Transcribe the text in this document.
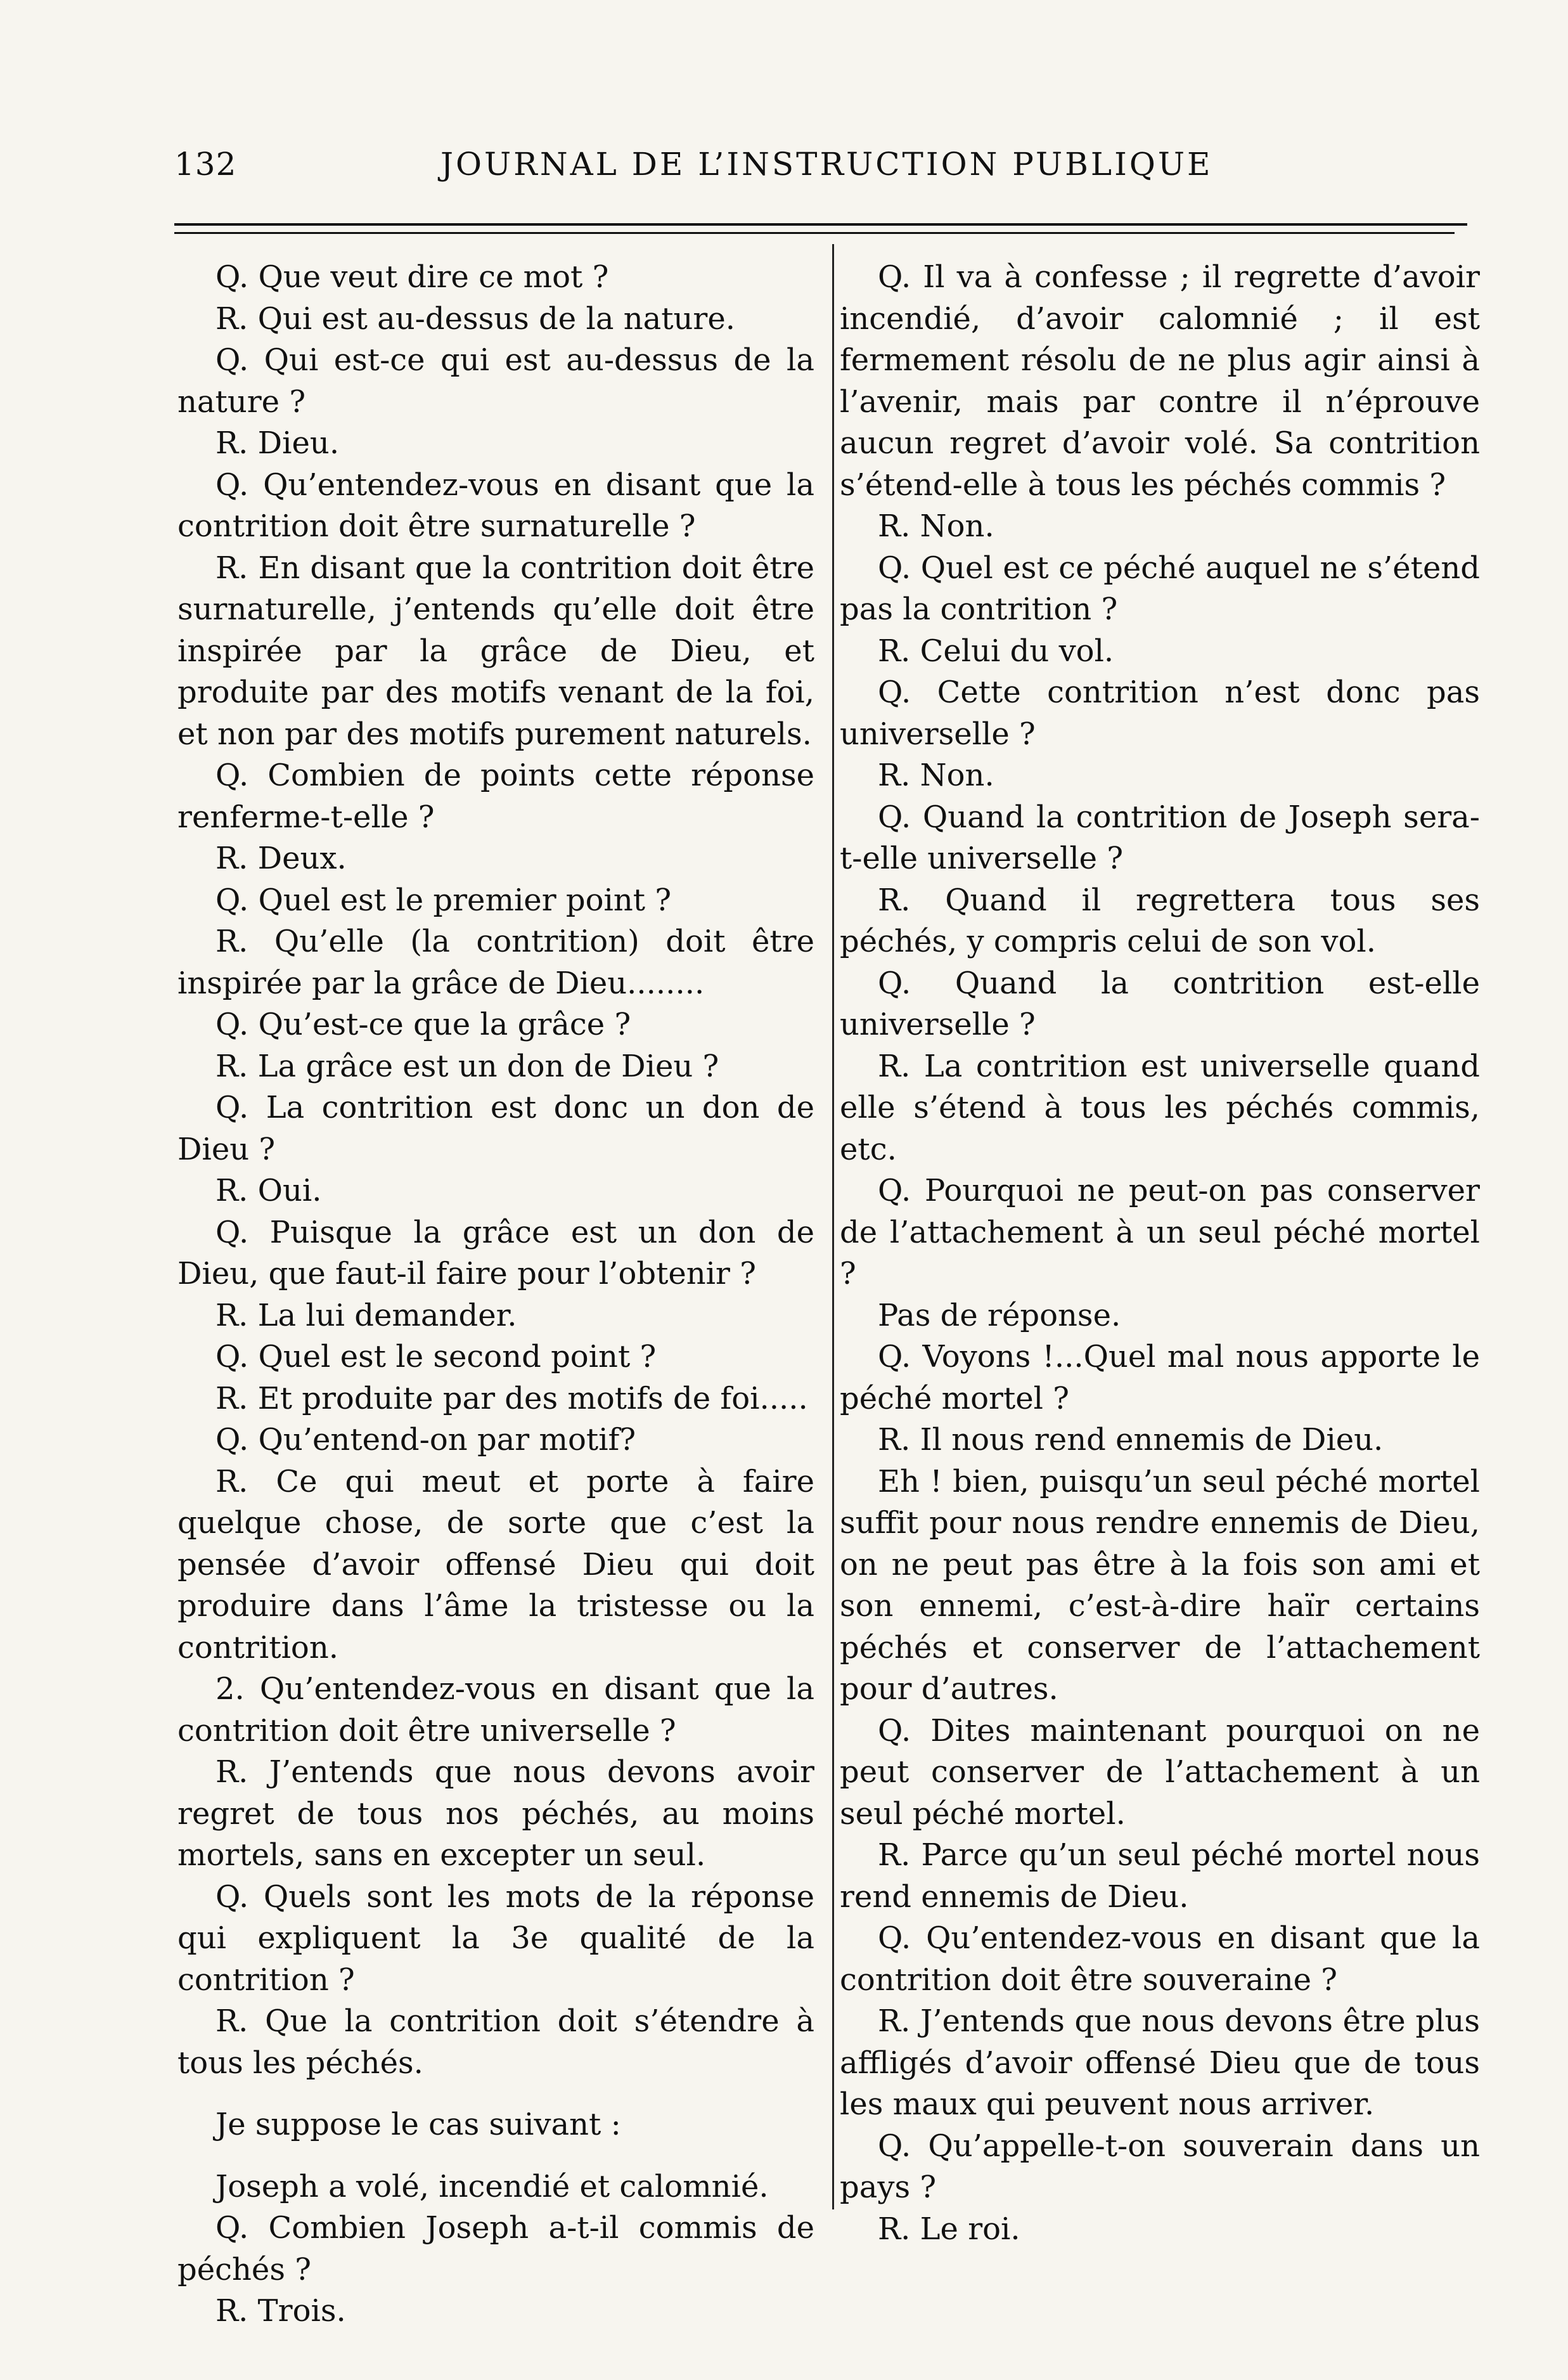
132	JOURNAL DE L’INSTRUCTION PUBLIQUE

Q. Que veut dire ce mot ?

R. Qui est au-dessus de la nature.

Q. Qui est-ce qui est au-dessus de la nature ?

R. Dieu.

Q. Qu’entendez-vous en disant que la contrition doit être surnaturelle ?

R. En disant que la contrition doit être surnaturelle, j’entends qu’elle doit être inspirée par la grâce de Dieu, et produite par des motifs venant de la foi, et non par des motifs purement naturels.

Q. Combien de points cette réponse renferme-t-elle ?

R. Deux.

Q. Quel est le premier point ?

R. Qu’elle (la contrition) doit être inspirée par la grâce de Dieu........

Q. Qu’est-ce que la grâce ?

R. La grâce est un don de Dieu ?

Q. La contrition est donc un don de Dieu ?

R. Oui.

Q. Puisque la grâce est un don de Dieu, que faut-il faire pour l’obtenir ?

R. La lui demander.

Q. Quel est le second point ?

R. Et produite par des motifs de foi.....

Q. Qu’entend-on par motif?

R. Ce qui meut et porte à faire quelque chose, de sorte que c’est la pensée d’avoir offensé Dieu qui doit produire dans l’âme la tristesse ou la contrition.

2. Qu’entendez-vous en disant que la contrition doit être universelle ?

R. J’entends que nous devons avoir regret de tous nos péchés, au moins mortels, sans en excepter un seul.

Q. Quels sont les mots de la réponse qui expliquent la 3e qualité de la contrition ?

R. Que la contrition doit s’étendre à tous les péchés.

Je suppose le cas suivant :

Joseph a volé, incendié et calomnié.

Q. Combien Joseph a-t-il commis de péchés ?

R. Trois.

Q. Il va à confesse ; il regrette d’avoir incendié, d’avoir calomnié ; il est fermement résolu de ne plus agir ainsi à l’avenir, mais par contre il n’éprouve aucun regret d’avoir volé. Sa contrition s’étend-elle à tous les péchés commis ?

R. Non.

Q. Quel est ce péché auquel ne s’étend pas la contrition ?

R. Celui du vol.

Q. Cette contrition n’est donc pas universelle ?

R. Non.

Q. Quand la contrition de Joseph sera-t-elle universelle ?

R. Quand il regrettera tous ses péchés, y compris celui de son vol.

Q. Quand la contrition est-elle universelle ?

R. La contrition est universelle quand elle s’étend à tous les péchés commis, etc.

Q. Pourquoi ne peut-on pas conserver de l’attachement à un seul péché mortel ?

Pas de réponse.

Q. Voyons !...Quel mal nous apporte le péché mortel ?

R. Il nous rend ennemis de Dieu.

Eh ! bien, puisqu’un seul péché mortel suffit pour nous rendre ennemis de Dieu, on ne peut pas être à la fois son ami et son ennemi, c’est-à-dire haïr certains péchés et conserver de l’attachement pour d’autres.

Q. Dites maintenant pourquoi on ne peut conserver de l’attachement à un seul péché mortel.

R. Parce qu’un seul péché mortel nous rend ennemis de Dieu.

Q. Qu’entendez-vous en disant que la contrition doit être souveraine ?

R. J’entends que nous devons être plus affligés d’avoir offensé Dieu que de tous les maux qui peuvent nous arriver.

Q. Qu’appelle-t-on souverain dans un pays ?

R. Le roi.
